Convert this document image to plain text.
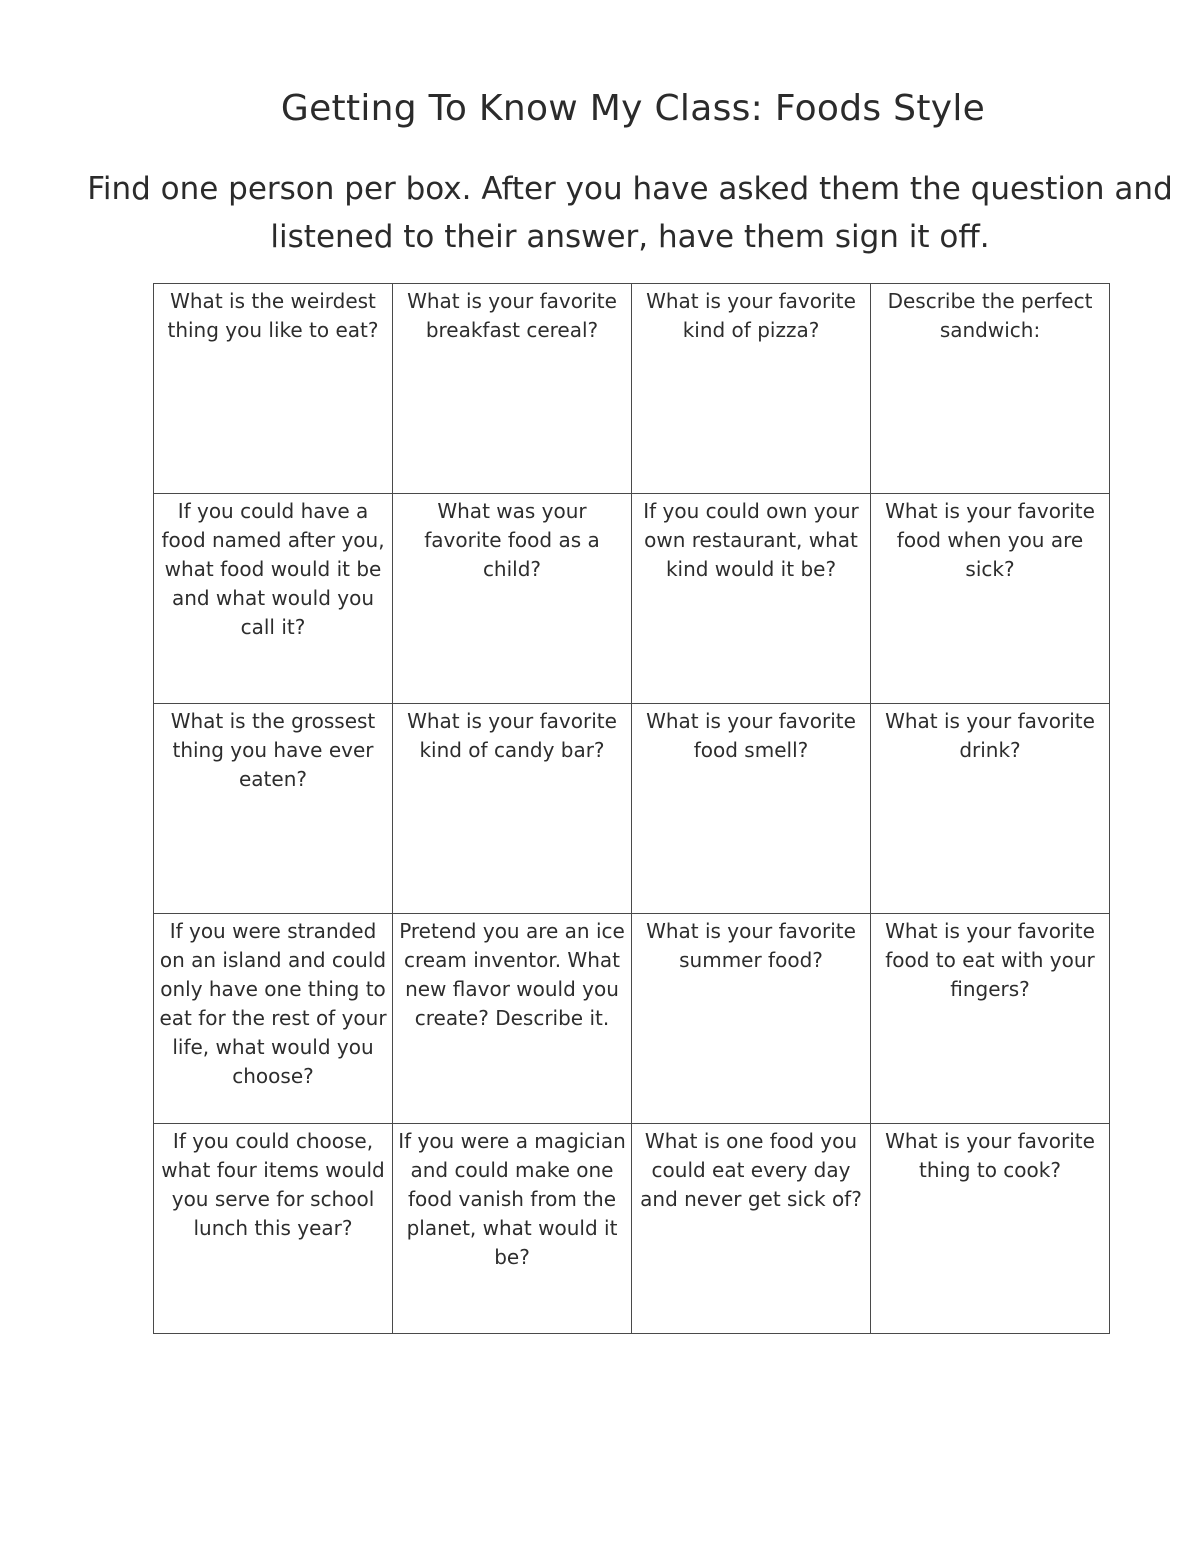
Getting To Know My Class: Foods Style

Find one person per box. After you have asked them the question and
listened to their answer, have them sign it off.

What is the weirdest thing you like to eat?	What is your favorite breakfast cereal?	What is your favorite kind of pizza?	Describe the perfect sandwich:
If you could have a food named after you, what food would it be and what would you call it?	What was your favorite food as a child?	If you could own your own restaurant, what kind would it be?	What is your favorite food when you are sick?
What is the grossest thing you have ever eaten?	What is your favorite kind of candy bar?	What is your favorite food smell?	What is your favorite drink?
If you were stranded on an island and could only have one thing to eat for the rest of your life, what would you choose?	Pretend you are an ice cream inventor. What new flavor would you create? Describe it.	What is your favorite summer food?	What is your favorite food to eat with your fingers?
If you could choose, what four items would you serve for school lunch this year?	If you were a magician and could make one food vanish from the planet, what would it be?	What is one food you could eat every day and never get sick of?	What is your favorite thing to cook?
